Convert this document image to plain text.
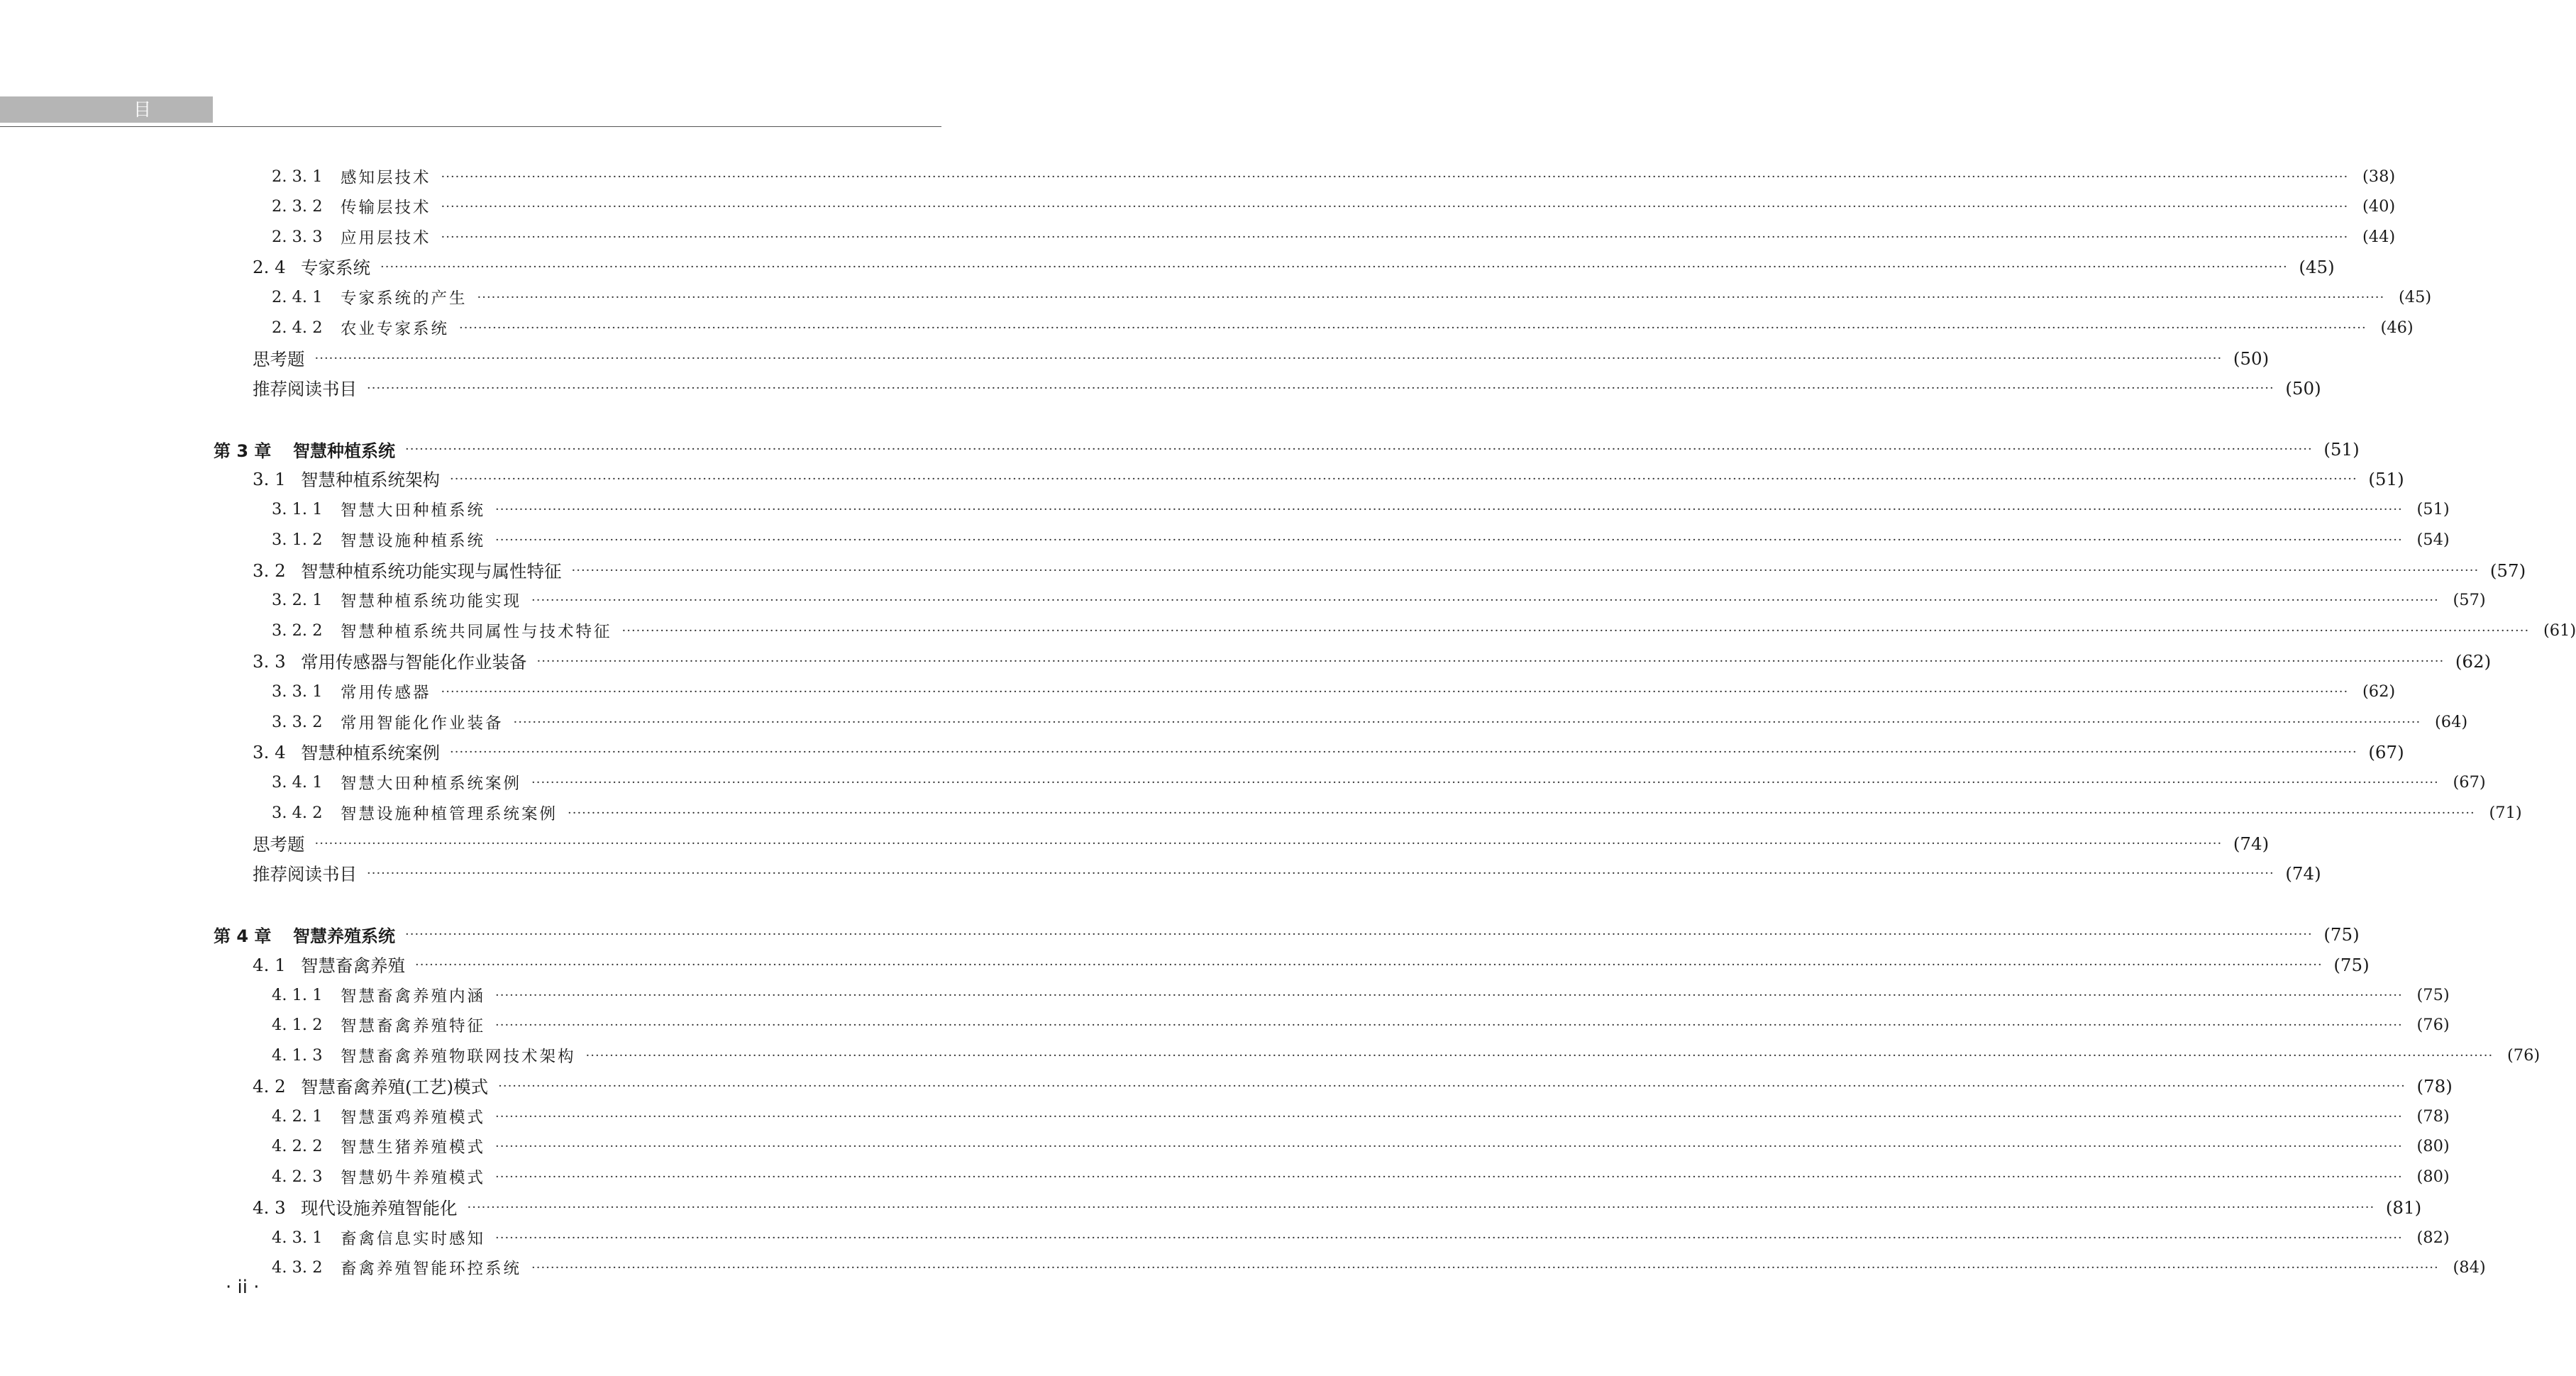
目 录
2. 3. 1	感知层技术 ················································································································································································································································································································································································································ (38)
2. 3. 2	传输层技术 ················································································································································································································································································································································································································ (40)
2. 3. 3	应用层技术 ················································································································································································································································································································································································································ (44)
2. 4 专家系统 ················································································································································································································································································································································································································ (45)
2. 4. 1	专家系统的产生 ················································································································································································································································································································································································································ (45)
2. 4. 2	农业专家系统 ················································································································································································································································································································································································································ (46)
思考题 ················································································································································································································································································································································································································ (50)
推荐阅读书目 ················································································································································································································································································································································································································ (50)
第 3 章	智慧种植系统 ················································································································································································································································································································································································································ (51)
3. 1 智慧种植系统架构 ················································································································································································································································································································································································································ (51)
3. 1. 1	智慧大田种植系统 ················································································································································································································································································································································································································ (51)
3. 1. 2	智慧设施种植系统 ················································································································································································································································································································································································································ (54)
3. 2 智慧种植系统功能实现与属性特征 ················································································································································································································································································································································································································ (57)
3. 2. 1	智慧种植系统功能实现 ················································································································································································································································································································································································································ (57)
3. 2. 2	智慧种植系统共同属性与技术特征 ················································································································································································································································································································································································································ (61)
3. 3 常用传感器与智能化作业装备 ················································································································································································································································································································································································································ (62)
3. 3. 1	常用传感器 ················································································································································································································································································································································································································ (62)
3. 3. 2	常用智能化作业装备 ················································································································································································································································································································································································································ (64)
3. 4 智慧种植系统案例 ················································································································································································································································································································································································································ (67)
3. 4. 1	智慧大田种植系统案例 ················································································································································································································································································································································································································ (67)
3. 4. 2	智慧设施种植管理系统案例 ················································································································································································································································································································································································································ (71)
思考题 ················································································································································································································································································································································································································ (74)
推荐阅读书目 ················································································································································································································································································································································································································ (74)
第 4 章	智慧养殖系统 ················································································································································································································································································································································································································ (75)
4. 1 智慧畜禽养殖 ················································································································································································································································································································································································································ (75)
4. 1. 1	智慧畜禽养殖内涵 ················································································································································································································································································································································································································ (75)
4. 1. 2	智慧畜禽养殖特征 ················································································································································································································································································································································································································ (76)
4. 1. 3	智慧畜禽养殖物联网技术架构 ················································································································································································································································································································································································································ (76)
4. 2 智慧畜禽养殖(工艺)模式 ················································································································································································································································································································································································································ (78)
4. 2. 1	智慧蛋鸡养殖模式 ················································································································································································································································································································································································································ (78)
4. 2. 2	智慧生猪养殖模式 ················································································································································································································································································································································································································ (80)
4. 2. 3	智慧奶牛养殖模式 ················································································································································································································································································································································································································ (80)
4. 3 现代设施养殖智能化 ················································································································································································································································································································································································································ (81)
4. 3. 1	畜禽信息实时感知 ················································································································································································································································································································································································································ (82)
4. 3. 2	畜禽养殖智能环控系统 ················································································································································································································································································································································································································ (84)
· ii ·
